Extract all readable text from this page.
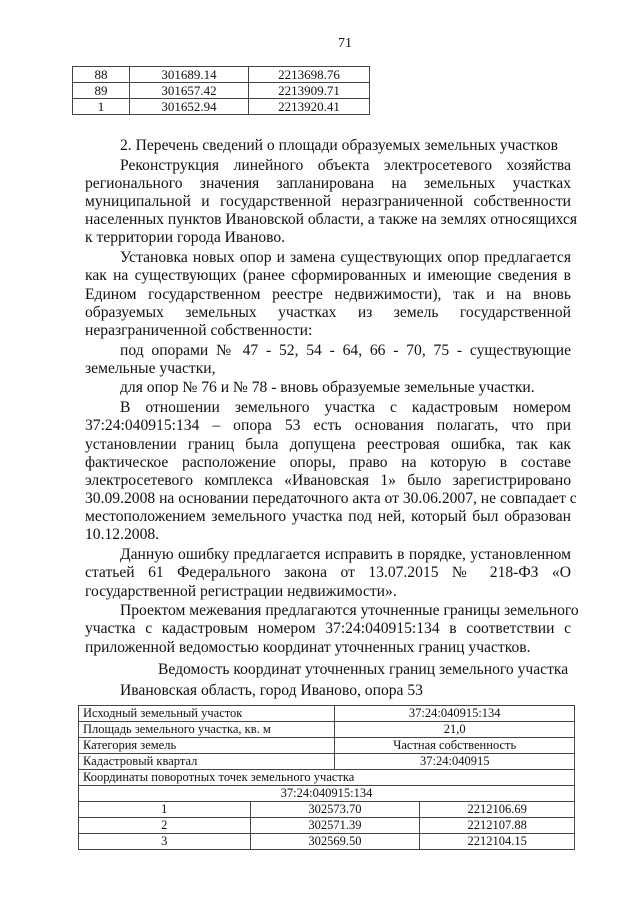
71
88	301689.14	2213698.76
89	301657.42	2213909.71
1	301652.94	2213920.41
2. Перечень сведений о площади образуемых земельных участков
Реконструкция линейного объекта электросетевого хозяйства
регионального значения запланирована на земельных участках
муниципальной и государственной неразграниченной собственности
населенных пунктов Ивановской области, а также на землях относящихся
к территории города Иваново.
Установка новых опор и замена существующих опор предлагается
как на существующих (ранее сформированных и имеющие сведения в
Едином государственном реестре недвижимости), так и на вновь
образуемых земельных участках из земель государственной
неразграниченной собственности:
под опорами № 47 - 52, 54 - 64, 66 - 70, 75 - существующие
земельные участки,
для опор № 76 и № 78 - вновь образуемые земельные участки.
В отношении земельного участка с кадастровым номером
37:24:040915:134 – опора 53 есть основания полагать, что при
установлении границ была допущена реестровая ошибка, так как
фактическое расположение опоры, право на которую в составе
электросетевого комплекса «Ивановская 1» было зарегистрировано
30.09.2008 на основании передаточного акта от 30.06.2007, не совпадает с
местоположением земельного участка под ней, который был образован
10.12.2008.
Данную ошибку предлагается исправить в порядке, установленном
статьей 61 Федерального закона от 13.07.2015 № 218-ФЗ «О
государственной регистрации недвижимости».
Проектом межевания предлагаются уточненные границы земельного
участка с кадастровым номером 37:24:040915:134 в соответствии с
приложенной ведомостью координат уточненных границ участков.
Ведомость координат уточненных границ земельного участка
Ивановская область, город Иваново, опора 53
Исходный земельный участок		37:24:040915:134	
Площадь земельного участка, кв. м		21,0	
Категория земель		Частная собственность	
Кадастровый квартал		37:24:040915	
Координаты поворотных точек земельного участка			
37:24:040915:134			
1	302573.70		2212106.69
2	302571.39		2212107.88
3	302569.50		2212104.15
